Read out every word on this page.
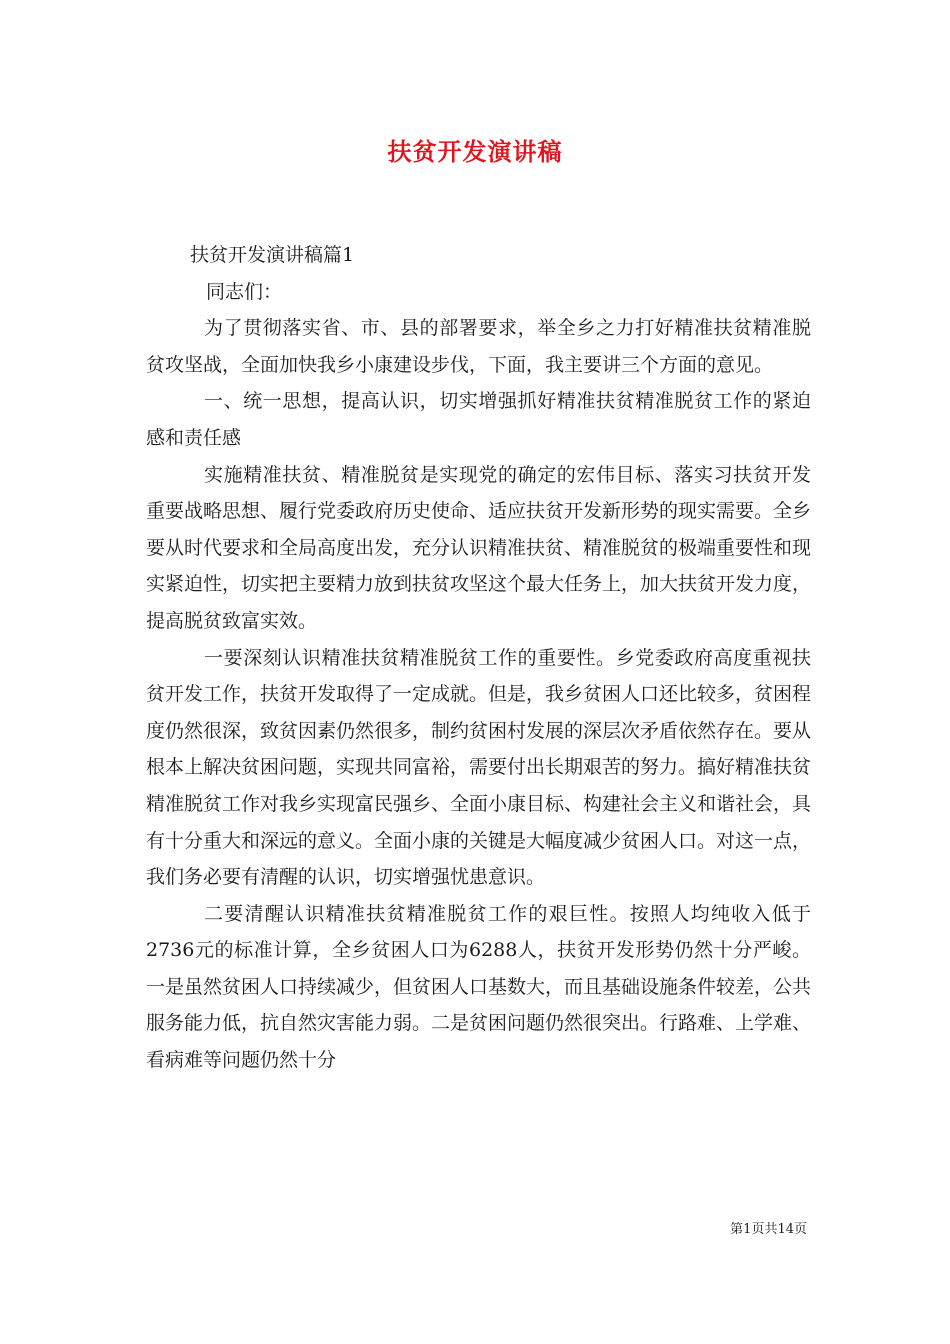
扶贫开发演讲稿

扶贫开发演讲稿篇1

同志们：

为了贯彻落实省、市、县的部署要求，举全乡之力打好精准扶贫精准脱贫攻坚战，全面加快我乡小康建设步伐，下面，我主要讲三个方面的意见。

一、统一思想，提高认识，切实增强抓好精准扶贫精准脱贫工作的紧迫感和责任感

实施精准扶贫、精准脱贫是实现党的确定的宏伟目标、落实习扶贫开发重要战略思想、履行党委政府历史使命、适应扶贫开发新形势的现实需要。全乡要从时代要求和全局高度出发，充分认识精准扶贫、精准脱贫的极端重要性和现实紧迫性，切实把主要精力放到扶贫攻坚这个最大任务上，加大扶贫开发力度，提高脱贫致富实效。

一要深刻认识精准扶贫精准脱贫工作的重要性。乡党委政府高度重视扶贫开发工作，扶贫开发取得了一定成就。但是，我乡贫困人口还比较多，贫困程度仍然很深，致贫因素仍然很多，制约贫困村发展的深层次矛盾依然存在。要从根本上解决贫困问题，实现共同富裕，需要付出长期艰苦的努力。搞好精准扶贫精准脱贫工作对我乡实现富民强乡、全面小康目标、构建社会主义和谐社会，具有十分重大和深远的意义。全面小康的关键是大幅度减少贫困人口。对这一点，我们务必要有清醒的认识，切实增强忧患意识。

二要清醒认识精准扶贫精准脱贫工作的艰巨性。按照人均纯收入低于2736元的标准计算，全乡贫困人口为6288人，扶贫开发形势仍然十分严峻。一是虽然贫困人口持续减少，但贫困人口基数大，而且基础设施条件较差，公共服务能力低，抗自然灾害能力弱。二是贫困问题仍然很突出。行路难、上学难、看病难等问题仍然十分

第1页共14页
